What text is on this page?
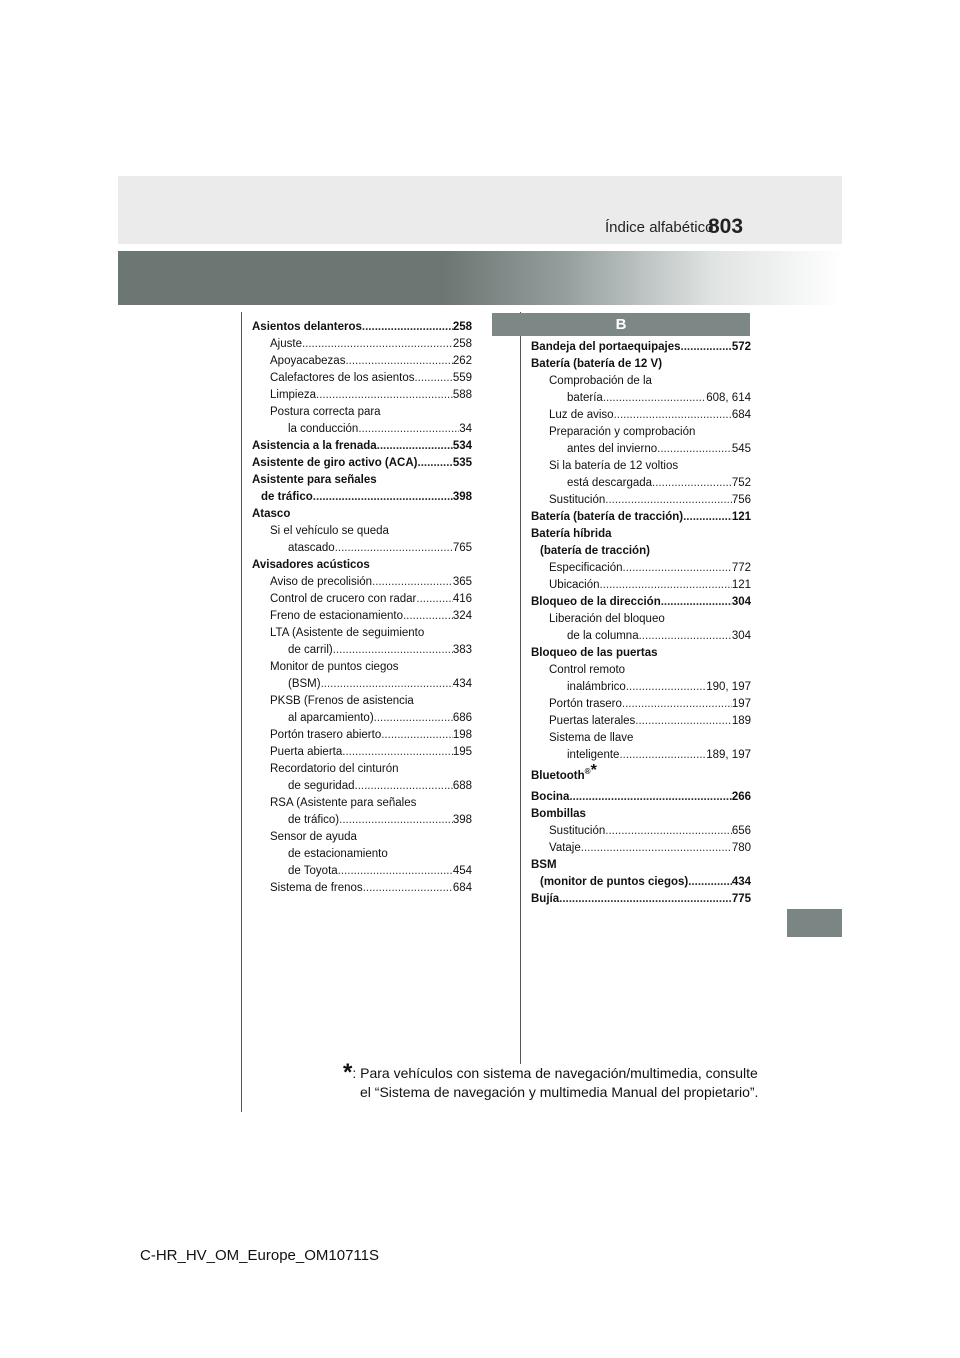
Índice alfabético
803
Asientos delanteros .....	258
Ajuste .....	258
Apoyacabezas .....	262
Calefactores de los asientos .....	559
Limpieza .....	588
Postura correcta para
la conducción .....	34
Asistencia a la frenada .....	534
Asistente de giro activo (ACA) .....	535
Asistente para señales
de tráfico .....	398
Atasco
Si el vehículo se queda
atascado .....	765
Avisadores acústicos
Aviso de precolisión .....	365
Control de crucero con radar .....	416
Freno de estacionamiento .....	324
LTA (Asistente de seguimiento
de carril) .....	383
Monitor de puntos ciegos
(BSM) .....	434
PKSB (Frenos de asistencia
al aparcamiento) .....	686
Portón trasero abierto .....	198
Puerta abierta .....	195
Recordatorio del cinturón
de seguridad .....	688
RSA (Asistente para señales
de tráfico) .....	398
Sensor de ayuda
de estacionamiento
de Toyota .....	454
Sistema de frenos .....	684
B
Bandeja del portaequipajes .....	572
Batería (batería de 12 V)
Comprobación de la
batería .....	608, 614
Luz de aviso .....	684
Preparación y comprobación
antes del invierno .....	545
Si la batería de 12 voltios
está descargada .....	752
Sustitución .....	756
Batería (batería de tracción) .....	121
Batería híbrida
(batería de tracción)
Especificación .....	772
Ubicación .....	121
Bloqueo de la dirección .....	304
Liberación del bloqueo
de la columna .....	304
Bloqueo de las puertas
Control remoto
inalámbrico .....	190, 197
Portón trasero .....	197
Puertas laterales .....	189
Sistema de llave
inteligente .....	189, 197
Bluetooth®*
Bocina .....	266
Bombillas
Sustitución .....	656
Vataje .....	780
BSM
(monitor de puntos ciegos) .....	434
Bujía .....	775
*: Para vehículos con sistema de navegación/multimedia, consulte
el “Sistema de navegación y multimedia Manual del propietario”.
C-HR_HV_OM_Europe_OM10711S
